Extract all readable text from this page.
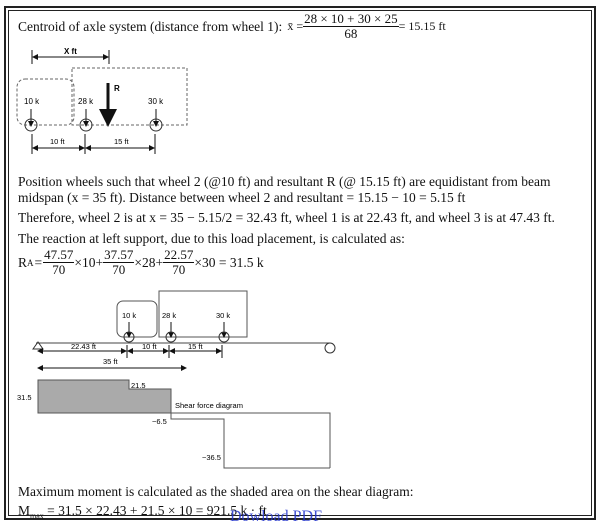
Centroid of axle system (distance from wheel 1): x̄ = $\frac{28 \times 10 + 30 \times 25}{68} = 15.15$ ft
X ft
R
10 k	28 k	30 k
10 ft	15 ft
Position wheels such that wheel 2 (@10 ft) and resultant R (@ 15.15 ft) are equidistant from beam
midspan (x = 35 ft). Distance between wheel 2 and resultant = 15.15 − 10 = 5.15 ft
Therefore, wheel 2 is at x = 35 − 5.15/2 = 32.43 ft, wheel 1 is at 22.43 ft, and wheel 3 is at 47.43 ft.
The reaction at left support, due to this load placement, is calculated as:
R $A = \frac{47.57}{70} \times 10+ \frac{37.57}{70} \times 28+ \frac{22.57}{70} \times 30 = 31.5$ k
10 k	28 k	30 k
22.43 ft	10 ft	15 ft
35 ft
31.5
21.5
−6.5
−36.5
Shear force diagram
Maximum moment is calculated as the shaded area on the shear diagram:
$M_{max} = 31.5 \times 22.43 + 21.5 \times 10 = 921.5$ k · ft
Dowload PDF
